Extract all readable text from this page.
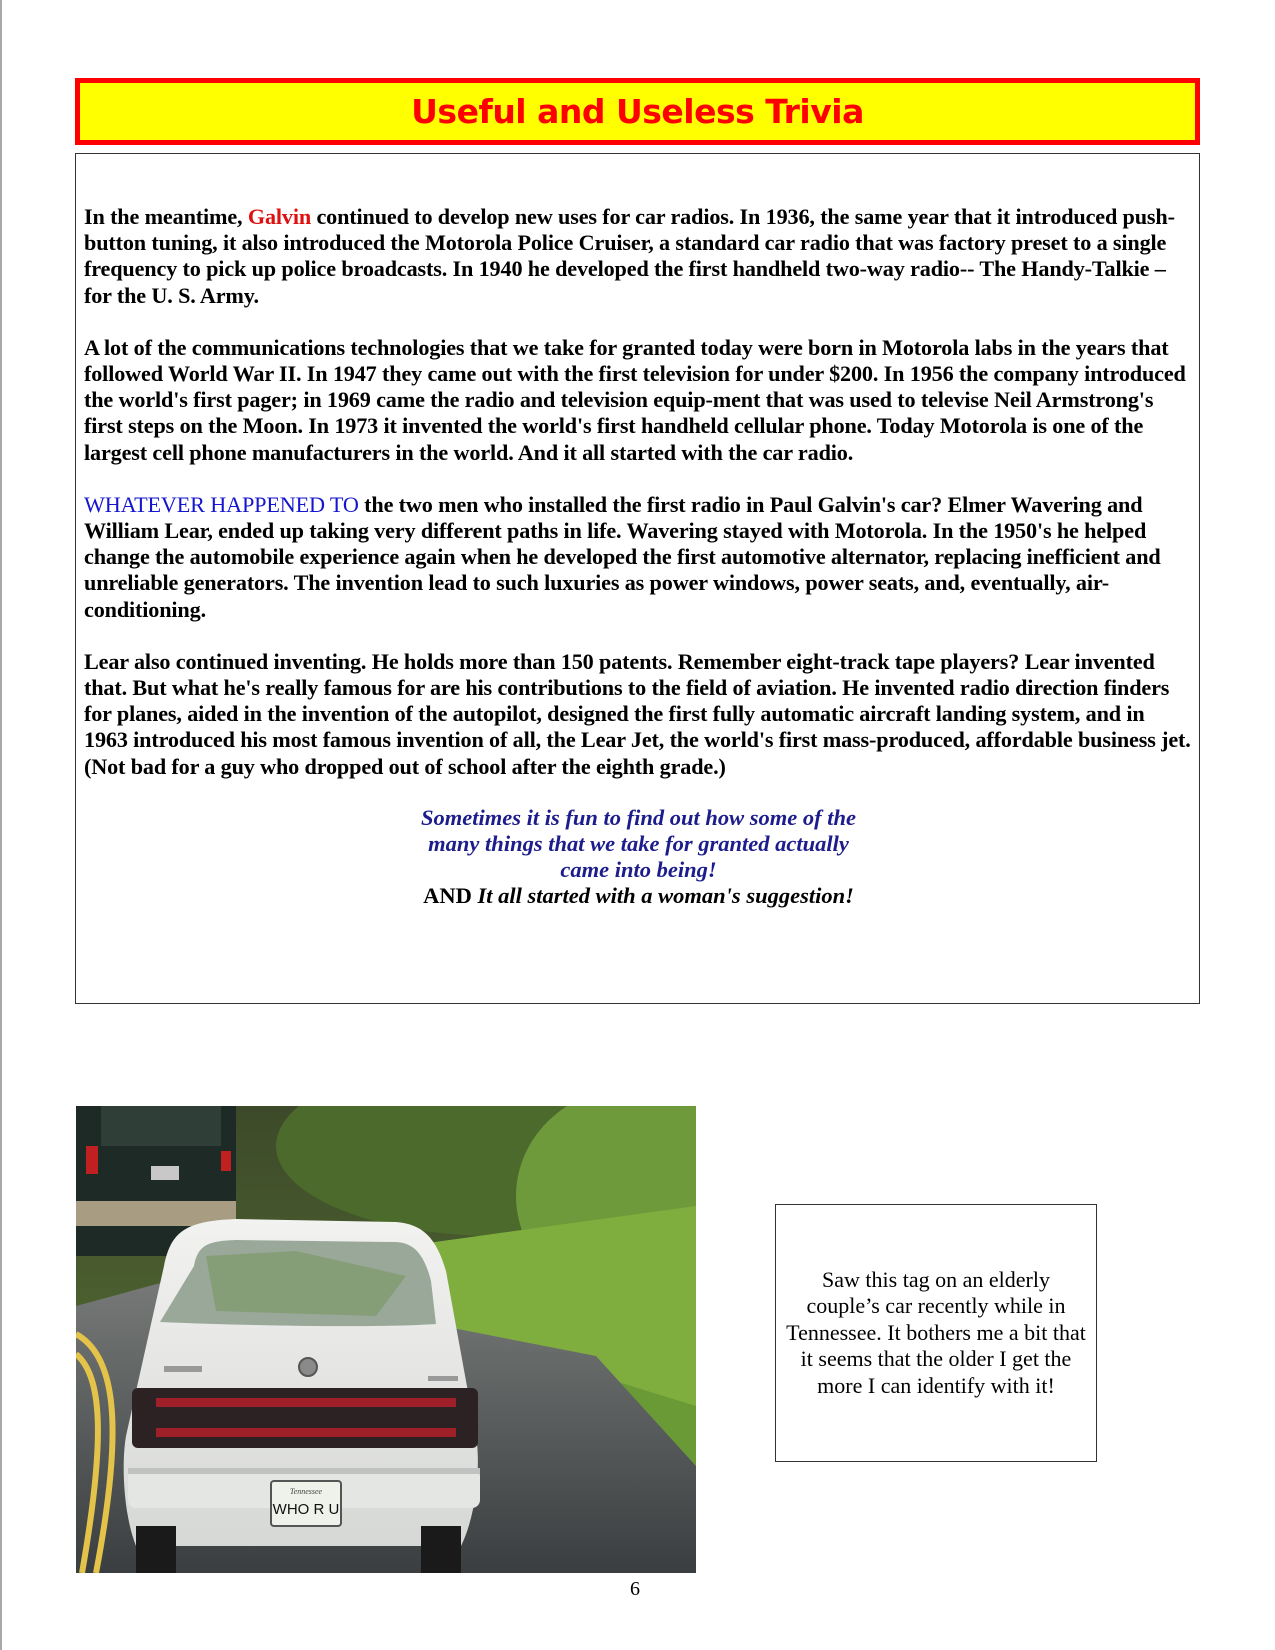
Useful and Useless Trivia

In the meantime, Galvin continued to develop new uses for car radios. In 1936, the same year that it introduced push-button tuning, it also introduced the Motorola Police Cruiser, a standard car radio that was factory preset to a single frequency to pick up police broadcasts. In 1940 he developed the first handheld two-way radio-- The Handy-Talkie – for the U. S. Army.

A lot of the communications technologies that we take for granted today were born in Motorola labs in the years that followed World War II. In 1947 they came out with the first television for under $200. In 1956 the company introduced the world's first pager; in 1969 came the radio and television equip-ment that was used to televise Neil Armstrong's first steps on the Moon. In 1973 it invented the world's first handheld cellular phone. Today Motorola is one of the largest cell phone manufacturers in the world. And it all started with the car radio.

WHATEVER HAPPENED TO the two men who installed the first radio in Paul Galvin's car? Elmer Wavering and William Lear, ended up taking very different paths in life. Wavering stayed with Motorola. In the 1950's he helped change the automobile experience again when he developed the first automotive alternator, replacing inefficient and unreliable generators. The invention lead to such luxuries as power windows, power seats, and, eventually, air-conditioning.

Lear also continued inventing. He holds more than 150 patents. Remember eight-track tape players? Lear invented that. But what he's really famous for are his contributions to the field of aviation. He invented radio direction finders for planes, aided in the invention of the autopilot, designed the first fully automatic aircraft landing system, and in 1963 introduced his most famous invention of all, the Lear Jet, the world's first mass-produced, affordable business jet. (Not bad for a guy who dropped out of school after the eighth grade.)

Sometimes it is fun to find out how some of the
many things that we take for granted actually
came into being!
AND It all started with a woman's suggestion!
Tennessee
WHO R U
Saw this tag on an elderly couple’s car recently while in Tennessee. It bothers me a bit that it seems that the older I get the more I can identify with it!
6
